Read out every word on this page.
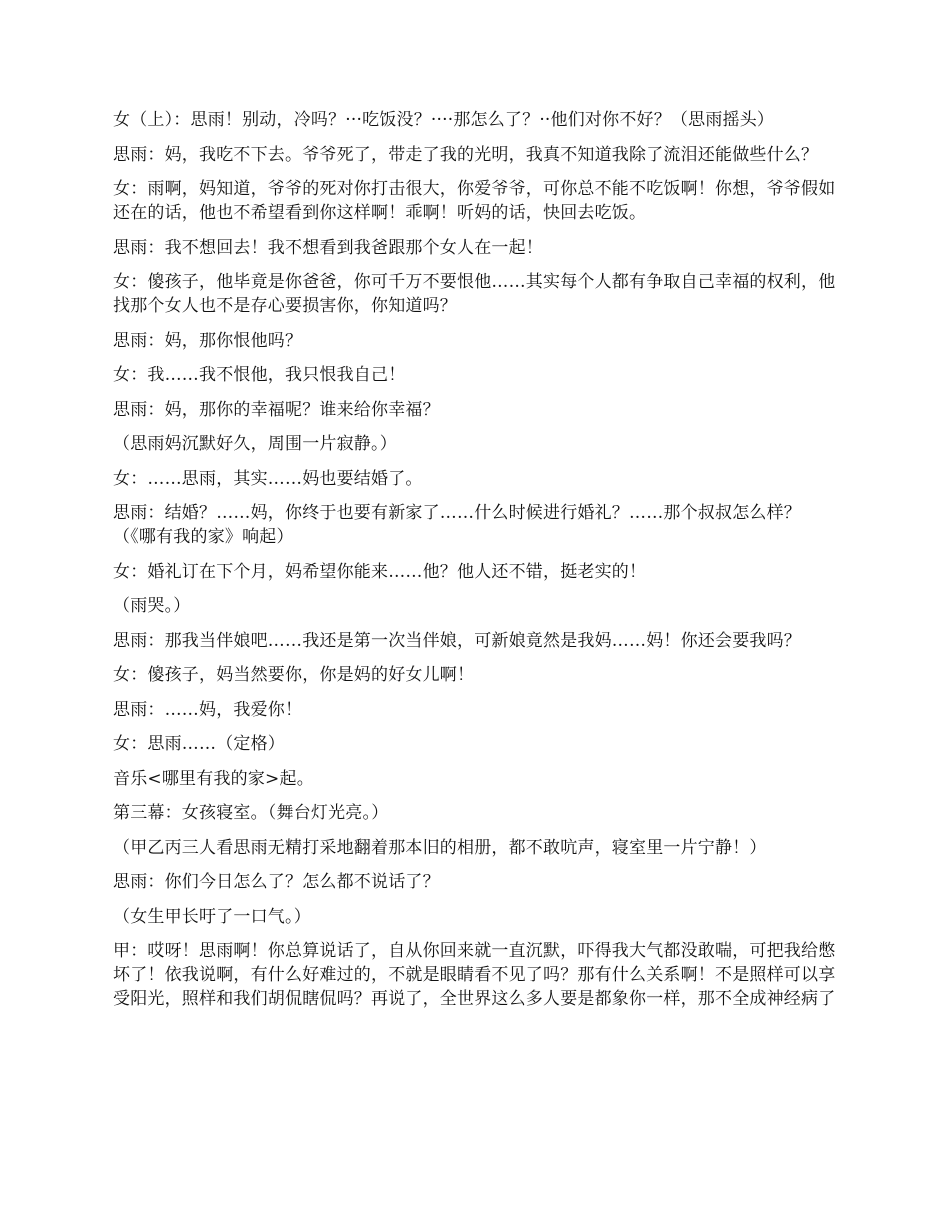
女（上）：思雨！别动，冷吗？···吃饭没？····那怎么了？··他们对你不好？（思雨摇头）

思雨：妈，我吃不下去。爷爷死了，带走了我的光明，我真不知道我除了流泪还能做些什么？

女：雨啊，妈知道，爷爷的死对你打击很大，你爱爷爷，可你总不能不吃饭啊！你想，爷爷假如还在的话，他也不希望看到你这样啊！乖啊！听妈的话，快回去吃饭。

思雨：我不想回去！我不想看到我爸跟那个女人在一起！

女：傻孩子，他毕竟是你爸爸，你可千万不要恨他……其实每个人都有争取自己幸福的权利，他找那个女人也不是存心要损害你，你知道吗？

思雨：妈，那你恨他吗？

女：我……我不恨他，我只恨我自己！

思雨：妈，那你的幸福呢？谁来给你幸福？

（思雨妈沉默好久，周围一片寂静。）

女：……思雨，其实……妈也要结婚了。

思雨：结婚？……妈，你终于也要有新家了……什么时候进行婚礼？……那个叔叔怎么样？（《哪有我的家》响起）

女：婚礼订在下个月，妈希望你能来……他？他人还不错，挺老实的！

（雨哭。）

思雨：那我当伴娘吧……我还是第一次当伴娘，可新娘竟然是我妈……妈！你还会要我吗？

女：傻孩子，妈当然要你，你是妈的好女儿啊！

思雨：……妈，我爱你！

女：思雨……（定格）

音乐<哪里有我的家>起。

第三幕：女孩寝室。（舞台灯光亮。）

（甲乙丙三人看思雨无精打采地翻着那本旧的相册，都不敢吭声，寝室里一片宁静！）

思雨：你们今日怎么了？怎么都不说话了？

（女生甲长吁了一口气。）

甲：哎呀！思雨啊！你总算说话了，自从你回来就一直沉默，吓得我大气都没敢喘，可把我给憋坏了！依我说啊，有什么好难过的，不就是眼睛看不见了吗？那有什么关系啊！不是照样可以享受阳光，照样和我们胡侃瞎侃吗？再说了，全世界这么多人要是都象你一样，那不全成神经病了
